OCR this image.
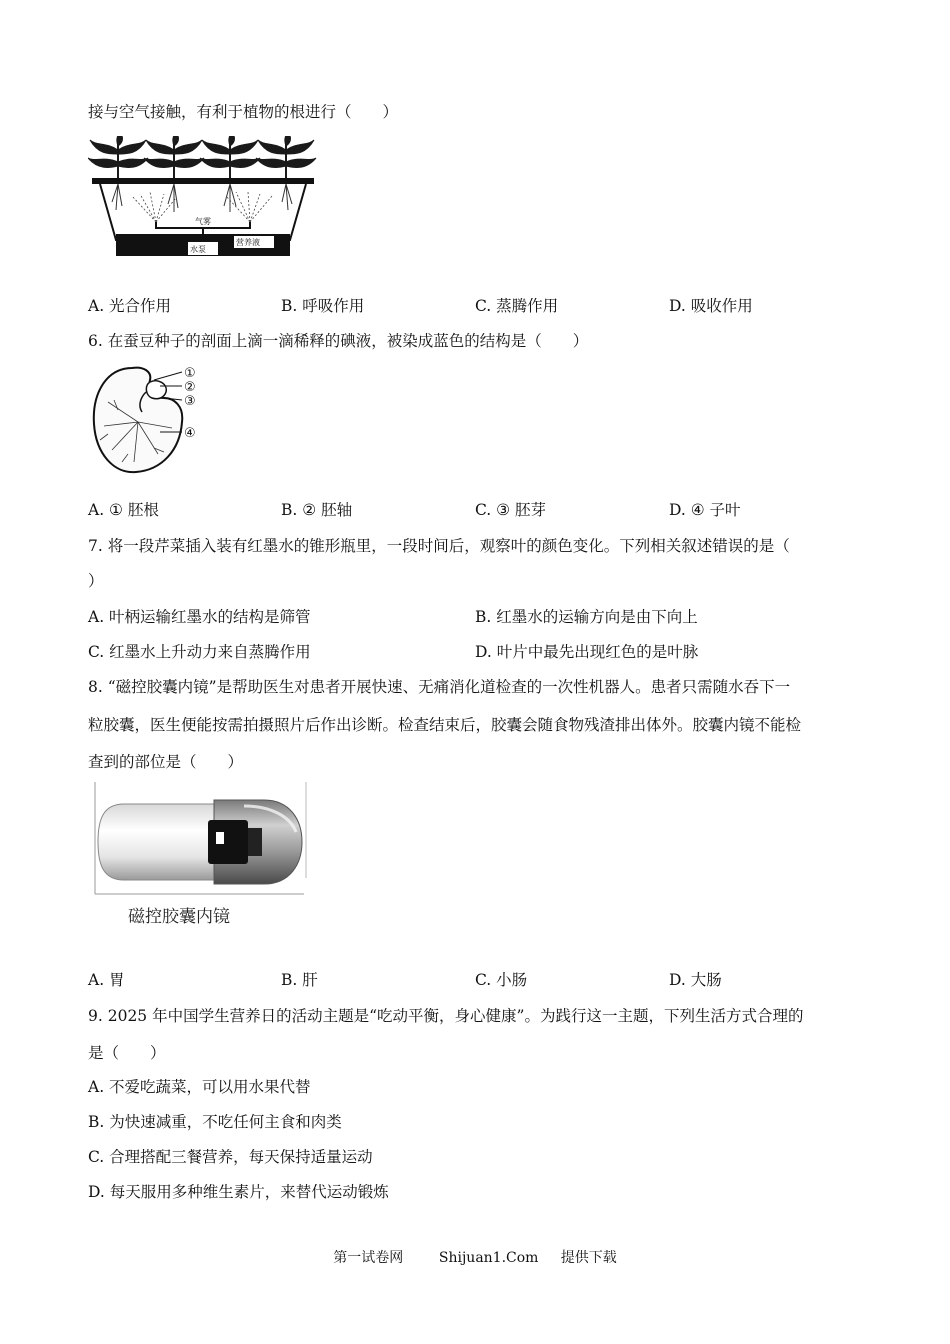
接与空气接触，有利于植物的根进行（　　）
气雾
水泵
营养液
A. 光合作用	B. 呼吸作用	C. 蒸腾作用	D. 吸收作用
6. 在蚕豆种子的剖面上滴一滴稀释的碘液，被染成蓝色的结构是（　　）
①
②
③
④
A. ① 胚根	B. ② 胚轴	C. ③ 胚芽	D. ④ 子叶
7. 将一段芹菜插入装有红墨水的锥形瓶里，一段时间后，观察叶的颜色变化。下列相关叙述错误的是（
）
A. 叶柄运输红墨水的结构是筛管	B. 红墨水的运输方向是由下向上
C. 红墨水上升动力来自蒸腾作用	D. 叶片中最先出现红色的是叶脉
8. “磁控胶囊内镜”是帮助医生对患者开展快速、无痛消化道检查的一次性机器人。患者只需随水吞下一
粒胶囊，医生便能按需拍摄照片后作出诊断。检查结束后，胶囊会随食物残渣排出体外。胶囊内镜不能检
查到的部位是（　　）
磁控胶囊内镜
A. 胃	B. 肝	C. 小肠	D. 大肠
9. 2025 年中国学生营养日的活动主题是“吃动平衡，身心健康”。为践行这一主题，下列生活方式合理的
是（　　）
A. 不爱吃蔬菜，可以用水果代替
B. 为快速减重，不吃任何主食和肉类
C. 合理搭配三餐营养，每天保持适量运动
D. 每天服用多种维生素片，来替代运动锻炼
第一试卷网	Shijuan1.Com 提供下载
